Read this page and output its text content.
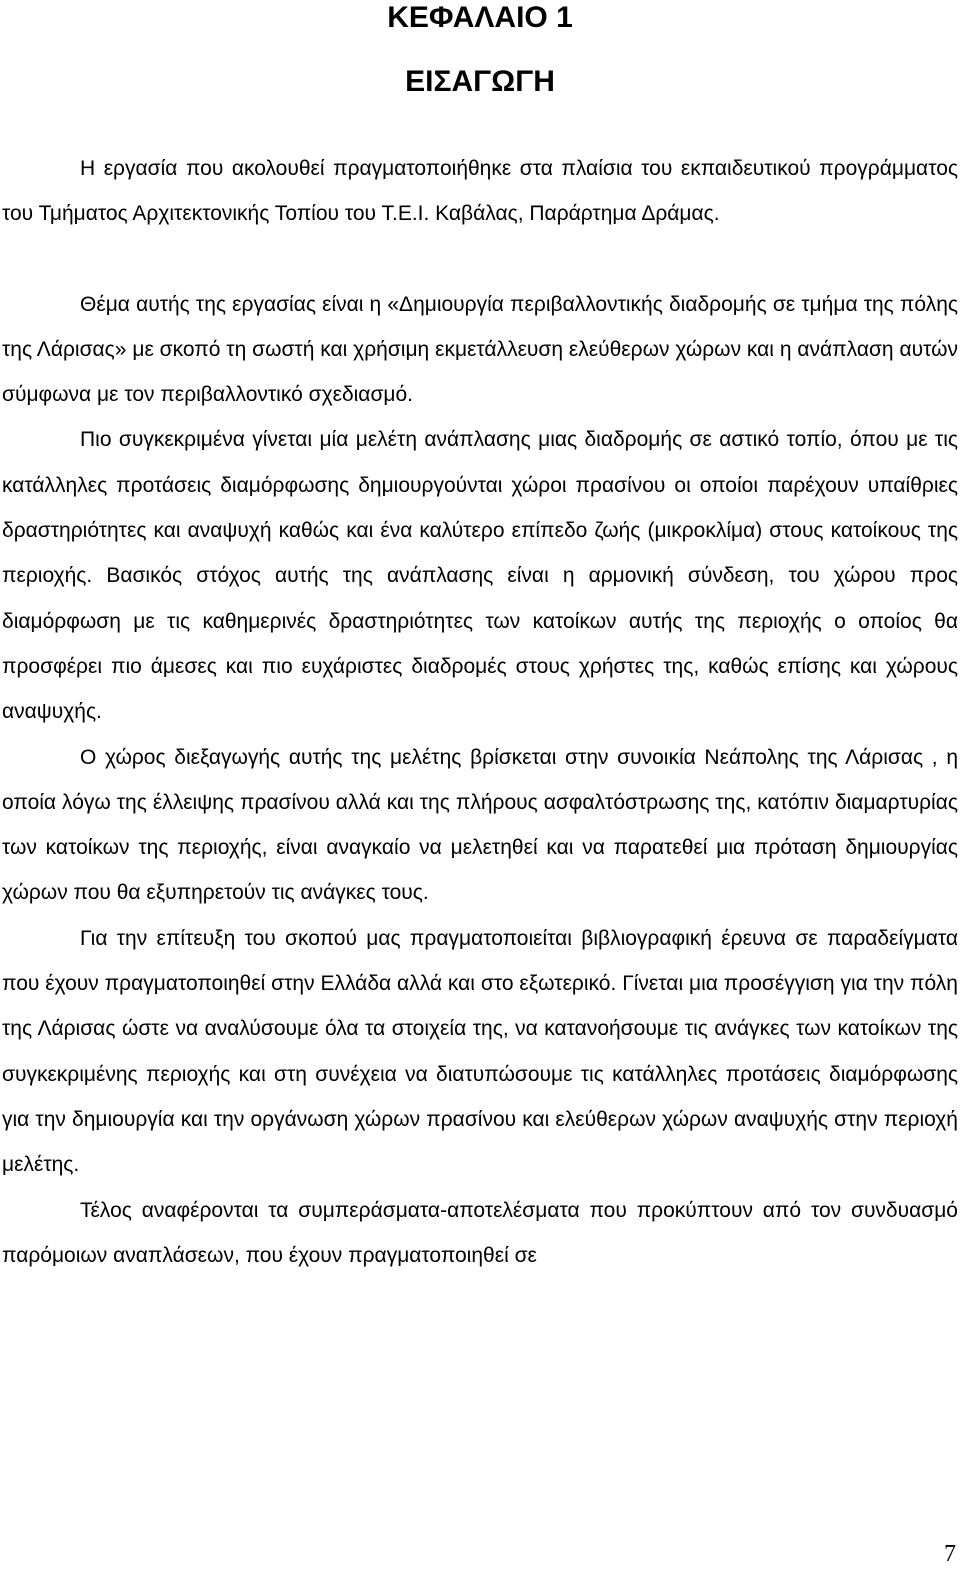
ΚΕΦΑΛΑΙΟ 1
ΕΙΣΑΓΩΓΗ

Η εργασία που ακολουθεί πραγματοποιήθηκε στα πλαίσια του εκπαιδευτικού προγράμματος του Τμήματος Αρχιτεκτονικής Τοπίου του Τ.Ε.Ι. Καβάλας, Παράρτημα Δράμας.

Θέμα αυτής της εργασίας είναι η «Δημιουργία περιβαλλοντικής διαδρομής σε τμήμα της πόλης της Λάρισας» με σκοπό τη σωστή και χρήσιμη εκμετάλλευση ελεύθερων χώρων και η ανάπλαση αυτών σύμφωνα με τον περιβαλλοντικό σχεδιασμό.

Πιο συγκεκριμένα γίνεται μία μελέτη ανάπλασης μιας διαδρομής σε αστικό τοπίο, όπου με τις κατάλληλες προτάσεις διαμόρφωσης δημιουργούνται χώροι πρασίνου οι οποίοι παρέχουν υπαίθριες δραστηριότητες και αναψυχή καθώς και ένα καλύτερο επίπεδο ζωής (μικροκλίμα) στους κατοίκους της περιοχής. Βασικός στόχος αυτής της ανάπλασης είναι η αρμονική σύνδεση, του χώρου προς διαμόρφωση με τις καθημερινές δραστηριότητες των κατοίκων αυτής της περιοχής ο οποίος θα προσφέρει πιο άμεσες και πιο ευχάριστες διαδρομές στους χρήστες της, καθώς επίσης και χώρους αναψυχής.

Ο χώρος διεξαγωγής αυτής της μελέτης βρίσκεται στην συνοικία Νεάπολης της Λάρισας , η οποία λόγω της έλλειψης πρασίνου αλλά και της πλήρους ασφαλτόστρωσης της, κατόπιν διαμαρτυρίας των κατοίκων της περιοχής, είναι αναγκαίο να μελετηθεί και να παρατεθεί μια πρόταση δημιουργίας χώρων που θα εξυπηρετούν τις ανάγκες τους.

Για την επίτευξη του σκοπού μας πραγματοποιείται βιβλιογραφική έρευνα σε παραδείγματα που έχουν πραγματοποιηθεί στην Ελλάδα αλλά και στο εξωτερικό. Γίνεται μια προσέγγιση για την πόλη της Λάρισας ώστε να αναλύσουμε όλα τα στοιχεία της, να κατανοήσουμε τις ανάγκες των κατοίκων της συγκεκριμένης περιοχής και στη συνέχεια να διατυπώσουμε τις κατάλληλες προτάσεις διαμόρφωσης για την δημιουργία και την οργάνωση χώρων πρασίνου και ελεύθερων χώρων αναψυχής στην περιοχή μελέτης.

Τέλος αναφέρονται τα συμπεράσματα-αποτελέσματα που προκύπτουν από τον συνδυασμό παρόμοιων αναπλάσεων, που έχουν πραγματοποιηθεί σε

7
